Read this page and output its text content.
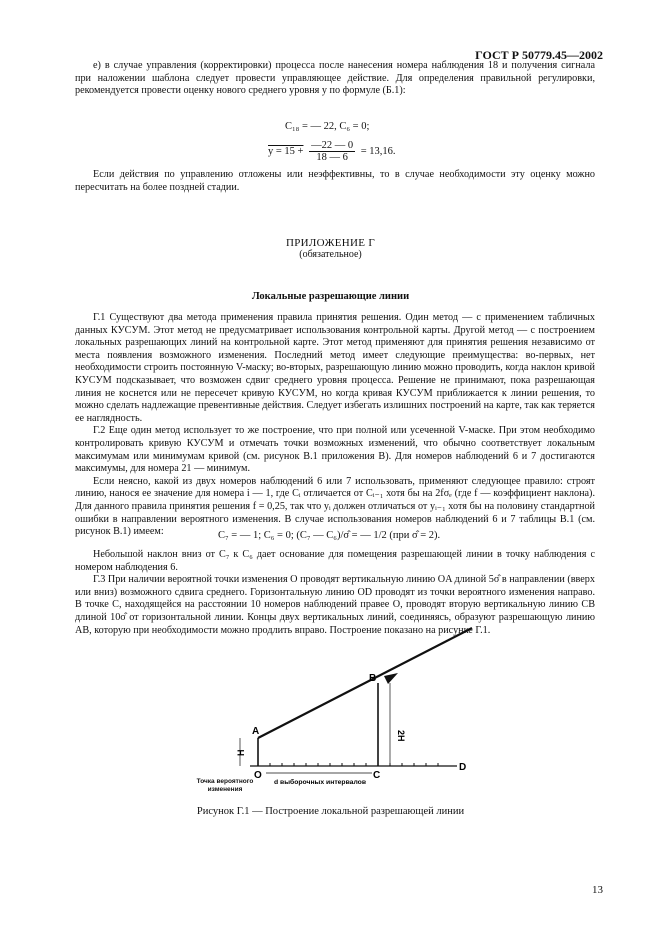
ГОСТ Р 50779.45—2002

е) в случае управления (корректировки) процесса после нанесения номера наблюдения 18 и получения сигнала при наложении шаблона следует провести управляющее действие. Для определения правильной регулировки, рекомендуется провести оценку нового среднего уровня y по формуле (Б.1):

C₁₈ = — 22, C₆ = 0;
$y = 15 + \frac{—22 — 0}{18 — 6} = 13,16$.

Если действия по управлению отложены или неэффективны, то в случае необходимости эту оценку можно пересчитать на более поздней стадии.

ПРИЛОЖЕНИЕ Г
(обязательное)
Локальные разрешающие линии

Г.1 Существуют два метода применения правила принятия решения. Один метод — с применением табличных данных КУСУМ. Этот метод не предусматривает использования контрольной карты. Другой метод — с построением локальных разрешающих линий на контрольной карте. Этот метод применяют для принятия решения независимо от места появления возможного изменения. Последний метод имеет следующие преимущества: во-первых, нет необходимости строить постоянную V-маску; во-вторых, разрешающую линию можно проводить, когда наклон кривой КУСУМ подсказывает, что возможен сдвиг среднего уровня процесса. Решение не принимают, пока разрешающая линия не коснется или не пересечет кривую КУСУМ, но когда кривая КУСУМ приближается к линии решения, то можно сделать надлежащие превентивные действия. Следует избегать излишних построений на карте, так как теряется ее наглядность.

Г.2 Еще один метод использует то же построение, что при полной или усеченной V-маске. При этом необходимо контролировать кривую КУСУМ и отмечать точки возможных изменений, что обычно соответствует локальным максимумам или минимумам кривой (см. рисунок В.1 приложения В). Для номеров наблюдений 6 и 7 достигаются максимумы, для номера 21 — минимум.

Если неясно, какой из двух номеров наблюдений 6 или 7 использовать, применяют следующее правило: строят линию, нанося ее значение для номера i — 1, где Cᵢ отличается от Cᵢ₋₁ хотя бы на 2fσₑ (где f — коэффициент наклона). Для данного правила принятия решения f = 0,25, так что yᵢ должен отличаться от yᵢ₋₁ хотя бы на половину стандартной ошибки в направлении вероятного изменения. В случае использования номеров наблюдений 6 и 7 таблицы В.1 (см. рисунок В.1) имеем:	C₇ = — 1; C₆ = 0; (C₇ — C₆)/σ̂ = — 1/2 (при σ̂ = 2).

Небольшой наклон вниз от C₇ к C₆ дает основание для помещения разрешающей линии в точку наблюдения с номером наблюдения 6.

Г.3 При наличии вероятной точки изменения O проводят вертикальную линию OA длиной 5σ̂ в направлении (вверх или вниз) возможного сдвига среднего. Горизонтальную линию OD проводят из точки вероятного изменения направо. В точке C, находящейся на расстоянии 10 номеров наблюдений правее O, проводят вторую вертикальную линию CB длиной 10σ̂ от горизонтальной линии. Концы двух вертикальных линий, соединяясь, образуют разрешающую линию AB, которую при необходимости можно продлить вправо. Построение показано на рисунке Г.1.

A
B
O	C
D
H
2H
Точка вероятного изменения
d выборочных интервалов
Рисунок Г.1 — Построение локальной разрешающей линии
13
